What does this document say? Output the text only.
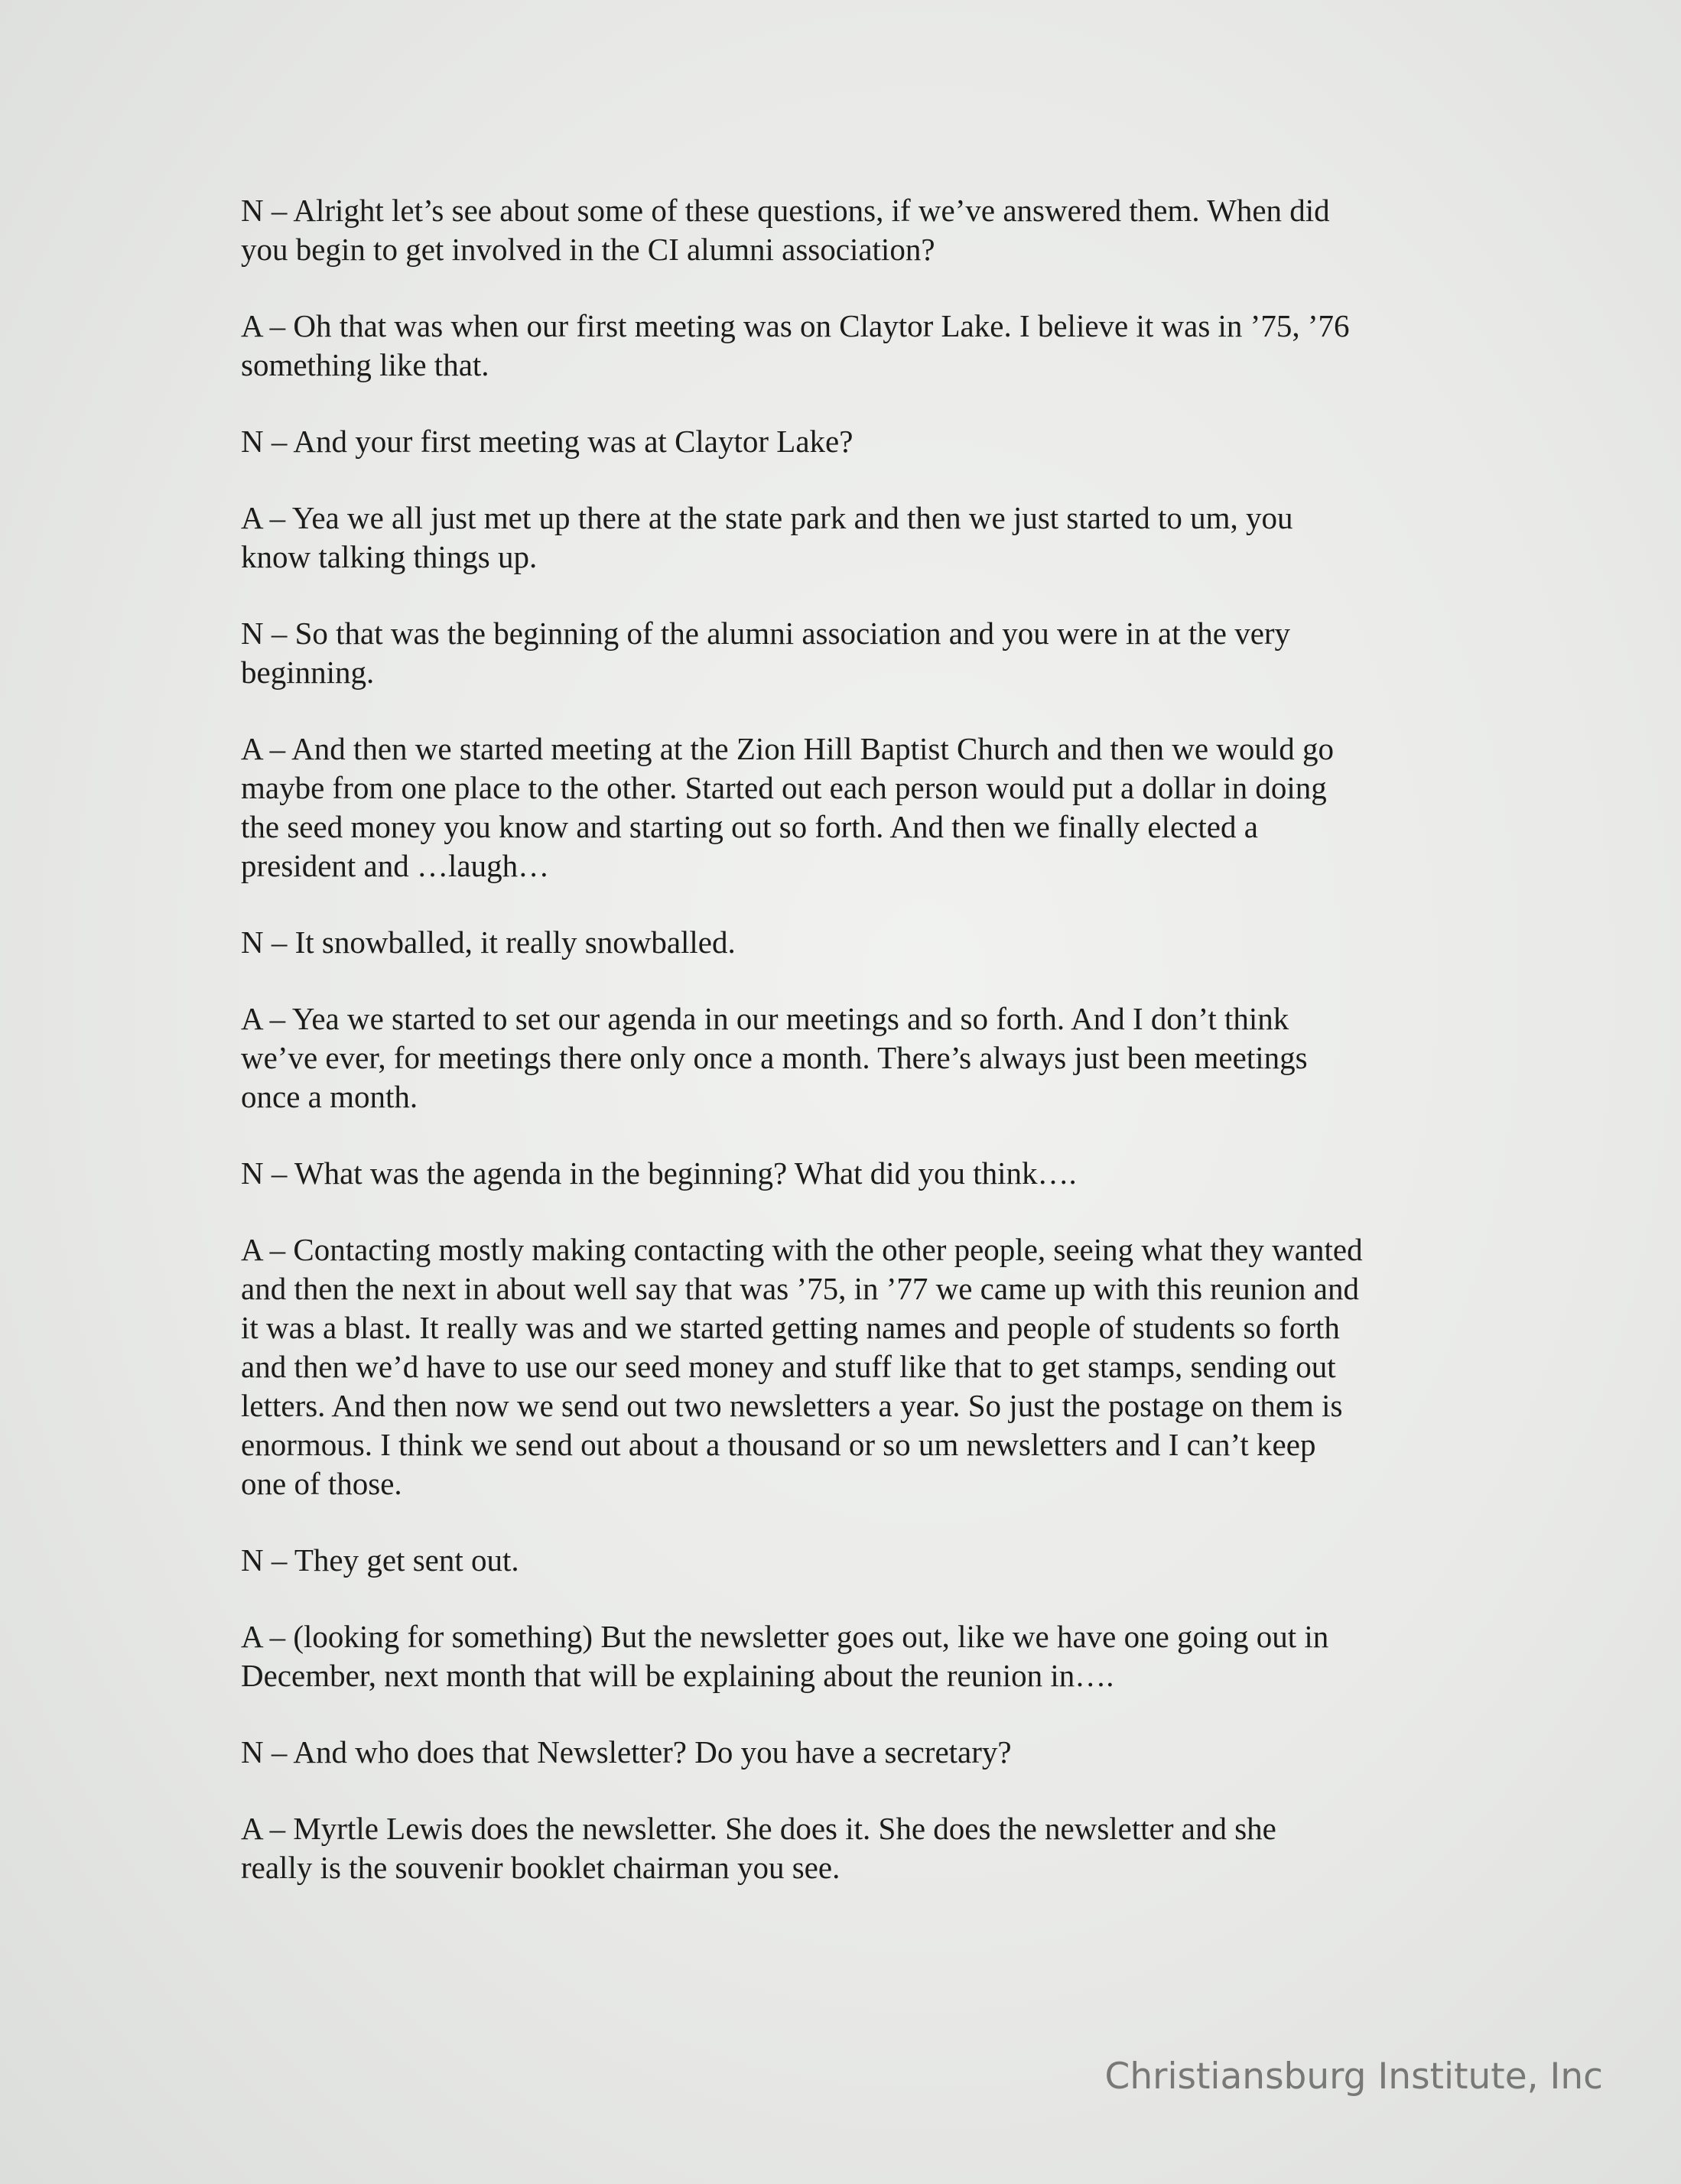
N – Alright let’s see about some of these questions, if we’ve answered them. When did
you begin to get involved in the CI alumni association?

A – Oh that was when our first meeting was on Claytor Lake. I believe it was in ’75, ’76
something like that.

N – And your first meeting was at Claytor Lake?

A – Yea we all just met up there at the state park and then we just started to um, you
know talking things up.

N – So that was the beginning of the alumni association and you were in at the very
beginning.

A – And then we started meeting at the Zion Hill Baptist Church and then we would go
maybe from one place to the other. Started out each person would put a dollar in doing
the seed money you know and starting out so forth. And then we finally elected a
president and …laugh…

N – It snowballed, it really snowballed.

A – Yea we started to set our agenda in our meetings and so forth. And I don’t think
we’ve ever, for meetings there only once a month. There’s always just been meetings
once a month.

N – What was the agenda in the beginning? What did you think….

A – Contacting mostly making contacting with the other people, seeing what they wanted
and then the next in about well say that was ’75, in ’77 we came up with this reunion and
it was a blast. It really was and we started getting names and people of students so forth
and then we’d have to use our seed money and stuff like that to get stamps, sending out
letters. And then now we send out two newsletters a year. So just the postage on them is
enormous. I think we send out about a thousand or so um newsletters and I can’t keep
one of those.

N – They get sent out.

A – (looking for something) But the newsletter goes out, like we have one going out in
December, next month that will be explaining about the reunion in….

N – And who does that Newsletter? Do you have a secretary?

A – Myrtle Lewis does the newsletter. She does it. She does the newsletter and she
really is the souvenir booklet chairman you see.

Christiansburg Institute, Inc
